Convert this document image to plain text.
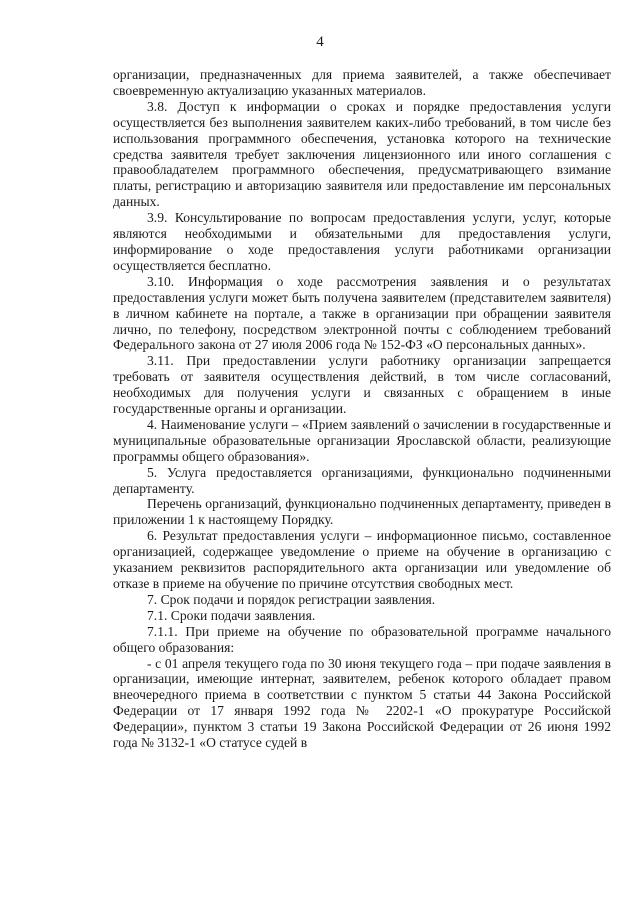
4

организации, предназначенных для приема заявителей, а также обеспечивает своевременную актуализацию указанных материалов.

3.8. Доступ к информации о сроках и порядке предоставления услуги осуществляется без выполнения заявителем каких-либо требований, в том числе без использования программного обеспечения, установка которого на технические средства заявителя требует заключения лицензионного или иного соглашения с правообладателем программного обеспечения, предусматривающего взимание платы, регистрацию и авторизацию заявителя или предоставление им персональных данных.

3.9. Консультирование по вопросам предоставления услуги, услуг, которые являются необходимыми и обязательными для предоставления услуги, информирование о ходе предоставления услуги работниками организации осуществляется бесплатно.

3.10. Информация о ходе рассмотрения заявления и о результатах предоставления услуги может быть получена заявителем (представителем заявителя) в личном кабинете на портале, а также в организации при обращении заявителя лично, по телефону, посредством электронной почты с соблюдением требований Федерального закона от 27 июля 2006 года № 152-ФЗ «О персональных данных».

3.11. При предоставлении услуги работнику организации запрещается требовать от заявителя осуществления действий, в том числе согласований, необходимых для получения услуги и связанных с обращением в иные государственные органы и организации.

4. Наименование услуги – «Прием заявлений о зачислении в государственные и муниципальные образовательные организации Ярославской области, реализующие программы общего образования».

5. Услуга предоставляется организациями, функционально подчиненными департаменту.

Перечень организаций, функционально подчиненных департаменту, приведен в приложении 1 к настоящему Порядку.

6. Результат предоставления услуги – информационное письмо, составленное организацией, содержащее уведомление о приеме на обучение в организацию с указанием реквизитов распорядительного акта организации или уведомление об отказе в приеме на обучение по причине отсутствия свободных мест.

7. Срок подачи и порядок регистрации заявления.

7.1. Сроки подачи заявления.

7.1.1. При приеме на обучение по образовательной программе начального общего образования:

- с 01 апреля текущего года по 30 июня текущего года – при подаче заявления в организации, имеющие интернат, заявителем, ребенок которого обладает правом внеочередного приема в соответствии с пунктом 5 статьи 44 Закона Российской Федерации от 17 января 1992 года № 2202-1 «О прокуратуре Российской Федерации», пунктом 3 статьи 19 Закона Российской Федерации от 26 июня 1992 года № 3132-1 «О статусе судей в
